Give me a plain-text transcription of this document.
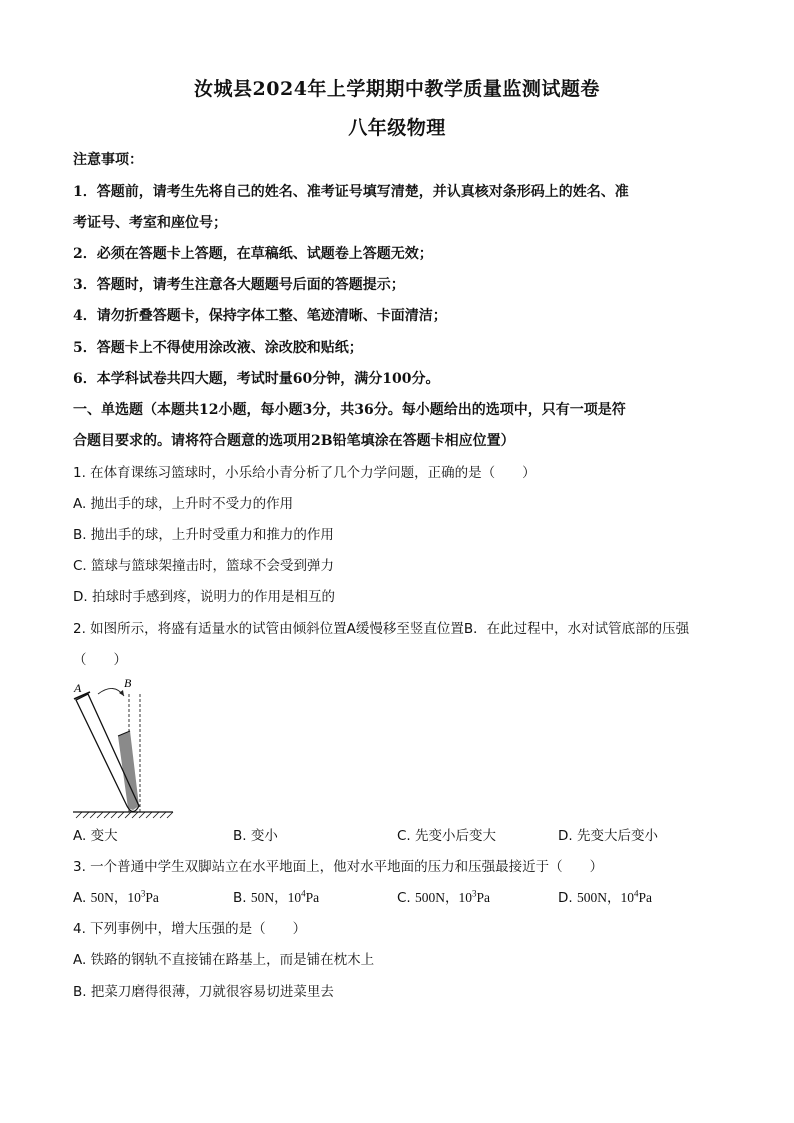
汝城县2024年上学期期中教学质量监测试题卷
八年级物理
注意事项：
1．答题前，请考生先将自己的姓名、准考证号填写清楚，并认真核对条形码上的姓名、准
考证号、考室和座位号；
2．必须在答题卡上答题，在草稿纸、试题卷上答题无效；
3．答题时，请考生注意各大题题号后面的答题提示；
4．请勿折叠答题卡，保持字体工整、笔迹清晰、卡面清洁；
5．答题卡上不得使用涂改液、涂改胶和贴纸；
6．本学科试卷共四大题，考试时量60分钟，满分100分。
一、单选题（本题共12小题，每小题3分，共36分。每小题给出的选项中，只有一项是符
合题目要求的。请将符合题意的选项用2B铅笔填涂在答题卡相应位置）
1. 在体育课练习篮球时，小乐给小青分析了几个力学问题，正确的是（　　）
A. 抛出手的球，上升时不受力的作用
B. 抛出手的球，上升时受重力和推力的作用
C. 篮球与篮球架撞击时，篮球不会受到弹力
D. 拍球时手感到疼，说明力的作用是相互的
2. 如图所示，将盛有适量水的试管由倾斜位置A缓慢移至竖直位置B．在此过程中，水对试管底部的压强
（　　）
A	B
A. 变大	B. 变小	C. 先变小后变大	D. 先变大后变小
3. 一个普通中学生双脚站立在水平地面上，他对水平地面的压力和压强最接近于（　　）
A. 50N，$10^3Pa$	B. 50N，$10^4Pa$	C. 500N，$10^3Pa$	D. 500N，$10^4Pa$
4. 下列事例中，增大压强的是（　　）
A. 铁路的钢轨不直接铺在路基上，而是铺在枕木上
B. 把菜刀磨得很薄，刀就很容易切进菜里去
